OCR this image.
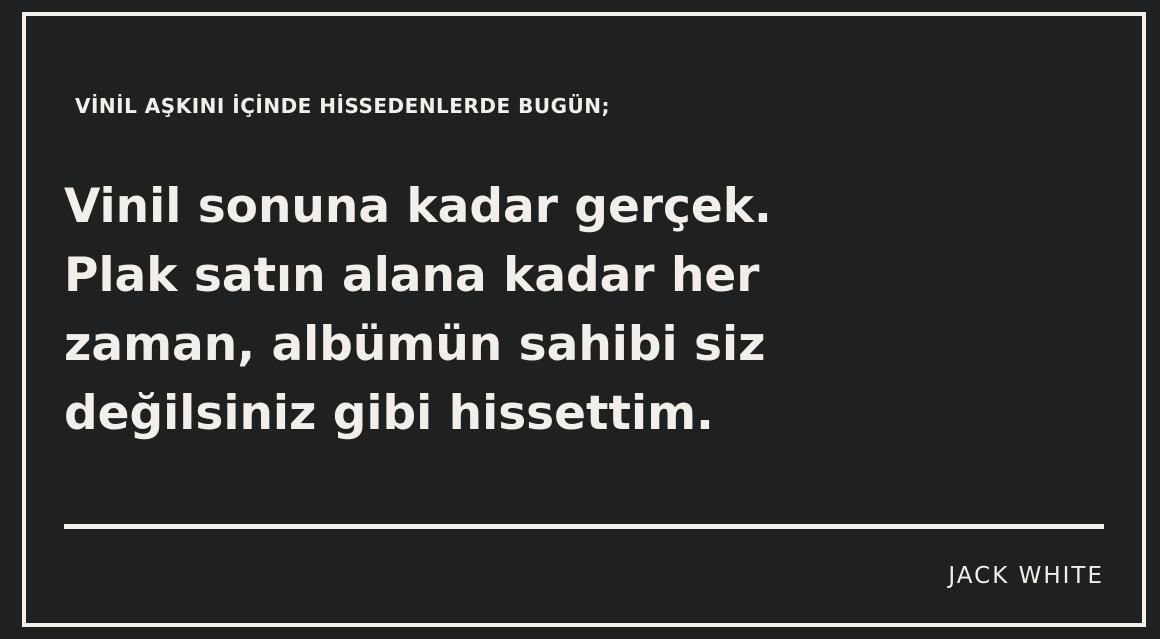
VİNİL AŞKINI İÇİNDE HİSSEDENLERDE BUGÜN;
Vinil sonuna kadar gerçek.
Plak satın alana kadar her
zaman, albümün sahibi siz
değilsiniz gibi hissettim.
JACK WHITE
